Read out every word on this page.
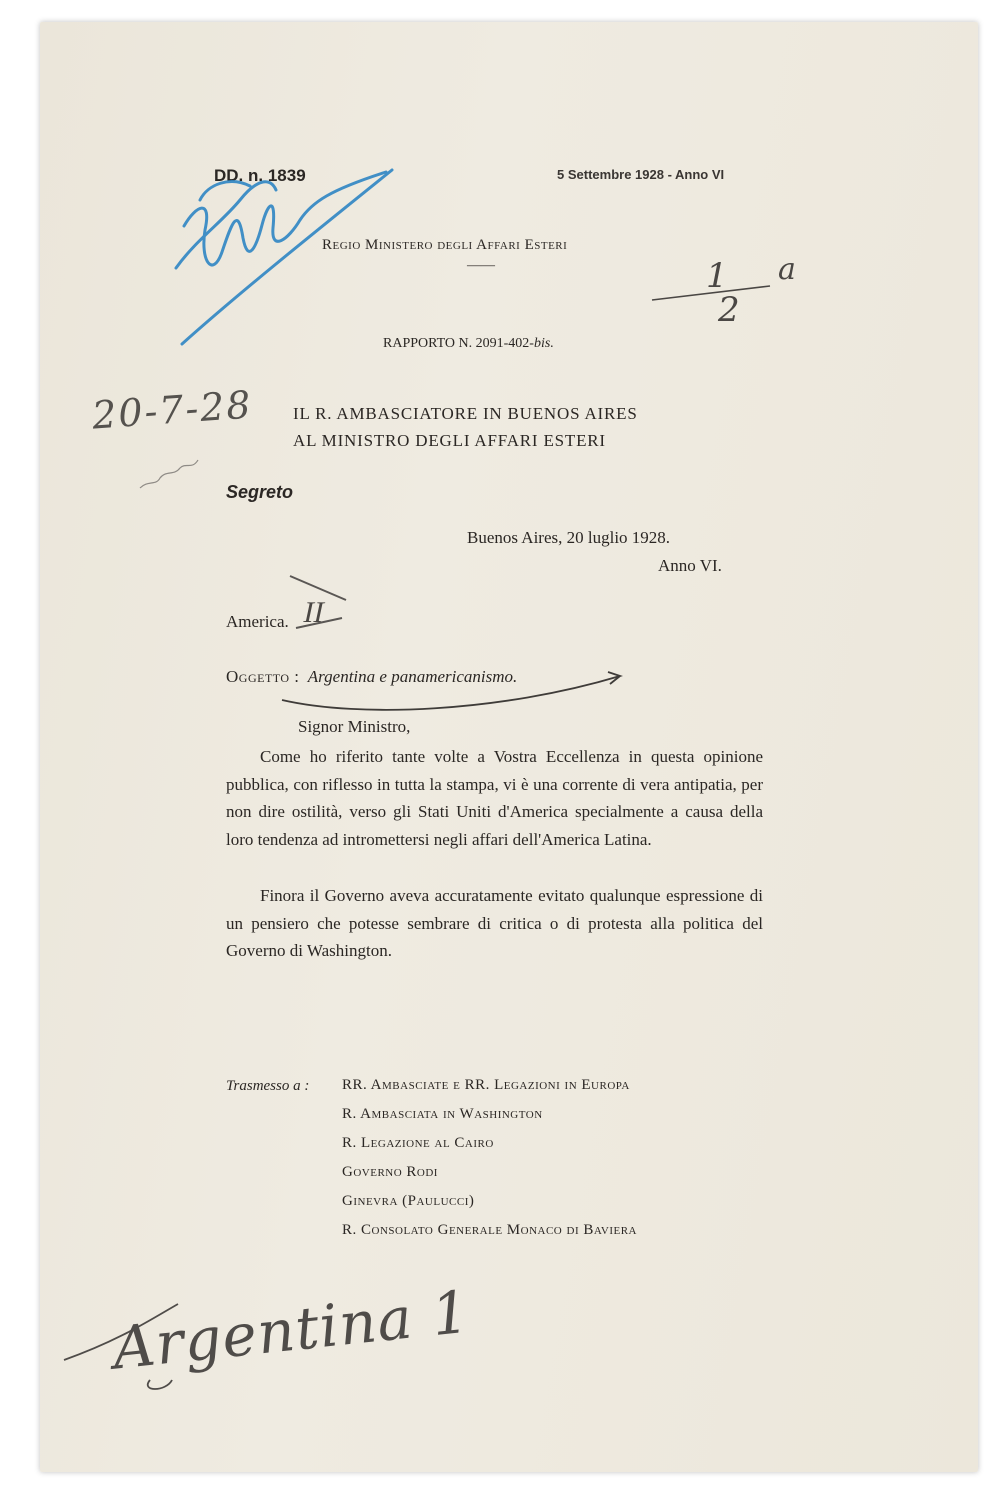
DD. n. 1839	5 Settembre 1928 - Anno VI
Regio Ministero degli Affari Esteri
——
RAPPORTO N. 2091-402-bis.
IL R. AMBASCIATORE IN BUENOS AIRES
AL MINISTRO DEGLI AFFARI ESTERI
Segreto
Buenos Aires, 20 luglio 1928.
Anno VI.
America. II
Oggetto : Argentina e panamericanismo.
Signor Ministro,
Come ho riferito tante volte a Vostra Eccellenza in questa opinione pubblica, con riflesso in tutta la stampa, vi è una corrente di vera antipatia, per non dire ostilità, verso gli Stati Uniti d'America specialmente a causa della loro tendenza ad intromettersi negli affari dell'America Latina.
Finora il Governo aveva accuratamente evitato qualunque espressione di un pensiero che potesse sembrare di critica o di protesta alla politica del Governo di Washington.
Trasmesso a : RR. Ambasciate e RR. Legazioni in Europa
R. Ambasciata in Washington
R. Legazione al Cairo
Governo Rodi
Ginevra (Paulucci)
R. Consolato Generale Monaco di Baviera
1 a
2
20-7-28
Argentina 1
